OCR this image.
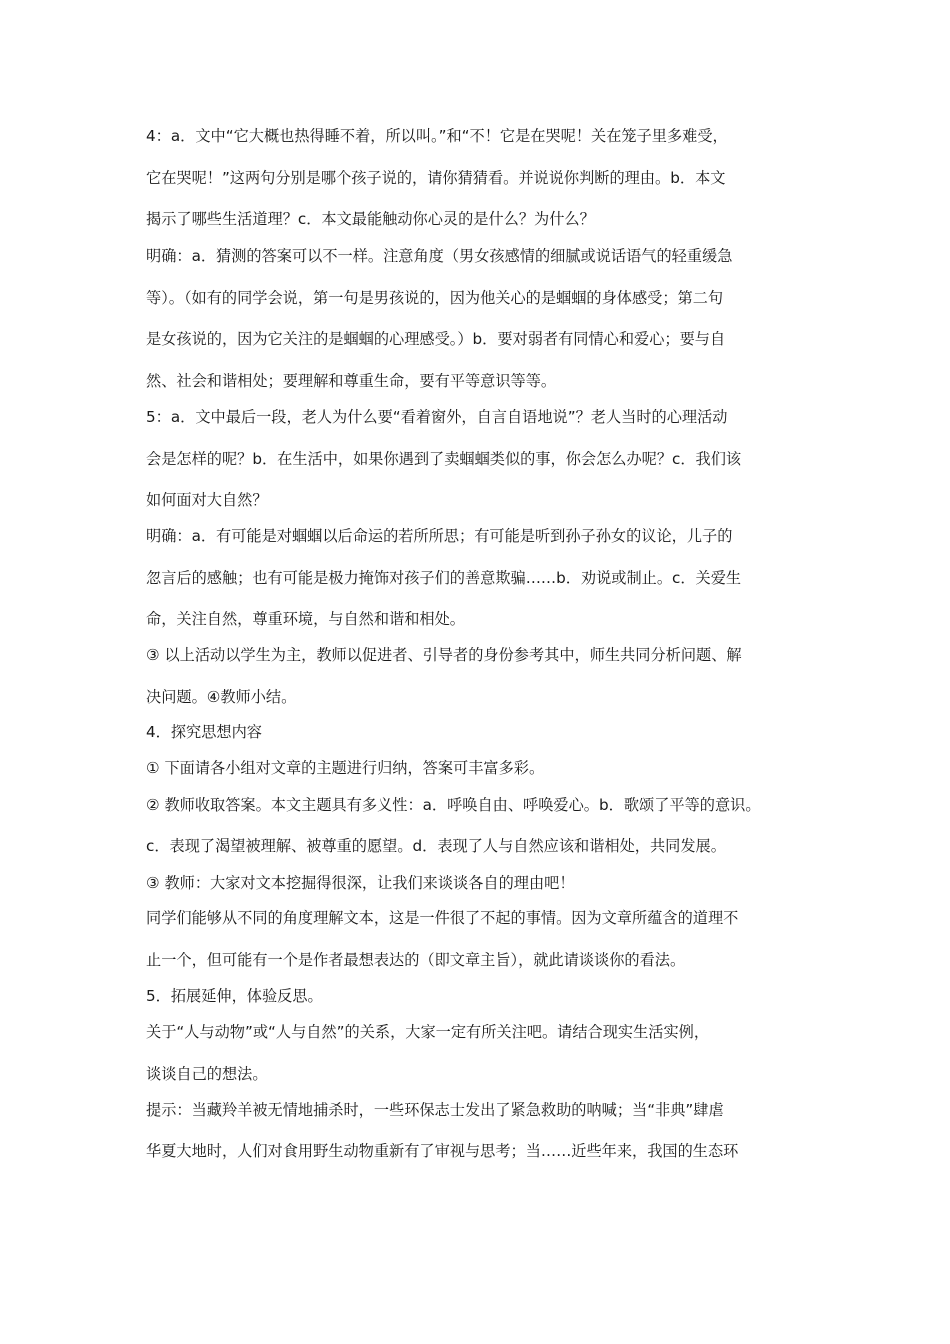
4：a．文中“它大概也热得睡不着，所以叫。”和“不！它是在哭呢！关在笼子里多难受，
它在哭呢！”这两句分别是哪个孩子说的，请你猜猜看。并说说你判断的理由。b．本文
揭示了哪些生活道理？c．本文最能触动你心灵的是什么？为什么？
明确：a．猜测的答案可以不一样。注意角度（男女孩感情的细腻或说话语气的轻重缓急
等）。（如有的同学会说，第一句是男孩说的，因为他关心的是蝈蝈的身体感受；第二句
是女孩说的，因为它关注的是蝈蝈的心理感受。）b．要对弱者有同情心和爱心；要与自
然、社会和谐相处；要理解和尊重生命，要有平等意识等等。
5：a．文中最后一段，老人为什么要“看着窗外，自言自语地说”？老人当时的心理活动
会是怎样的呢？b．在生活中，如果你遇到了卖蝈蝈类似的事，你会怎么办呢？c．我们该
如何面对大自然？
明确：a．有可能是对蝈蝈以后命运的若所所思；有可能是听到孙子孙女的议论，儿子的
忽言后的感触；也有可能是极力掩饰对孩子们的善意欺骗……b．劝说或制止。c．关爱生
命，关注自然，尊重环境，与自然和谐和相处。
③ 以上活动以学生为主，教师以促进者、引导者的身份参考其中，师生共同分析问题、解
决问题。④教师小结。
4．探究思想内容
① 下面请各小组对文章的主题进行归纳，答案可丰富多彩。
② 教师收取答案。本文主题具有多义性：a．呼唤自由、呼唤爱心。b．歌颂了平等的意识。
c．表现了渴望被理解、被尊重的愿望。d．表现了人与自然应该和谐相处，共同发展。
③ 教师：大家对文本挖掘得很深，让我们来谈谈各自的理由吧！
同学们能够从不同的角度理解文本，这是一件很了不起的事情。因为文章所蕴含的道理不
止一个，但可能有一个是作者最想表达的（即文章主旨），就此请谈谈你的看法。
5．拓展延伸，体验反思。
关于“人与动物”或“人与自然”的关系，大家一定有所关注吧。请结合现实生活实例，
谈谈自己的想法。
提示：当藏羚羊被无情地捕杀时，一些环保志士发出了紧急救助的呐喊；当“非典”肆虐
华夏大地时，人们对食用野生动物重新有了审视与思考；当……近些年来，我国的生态环
